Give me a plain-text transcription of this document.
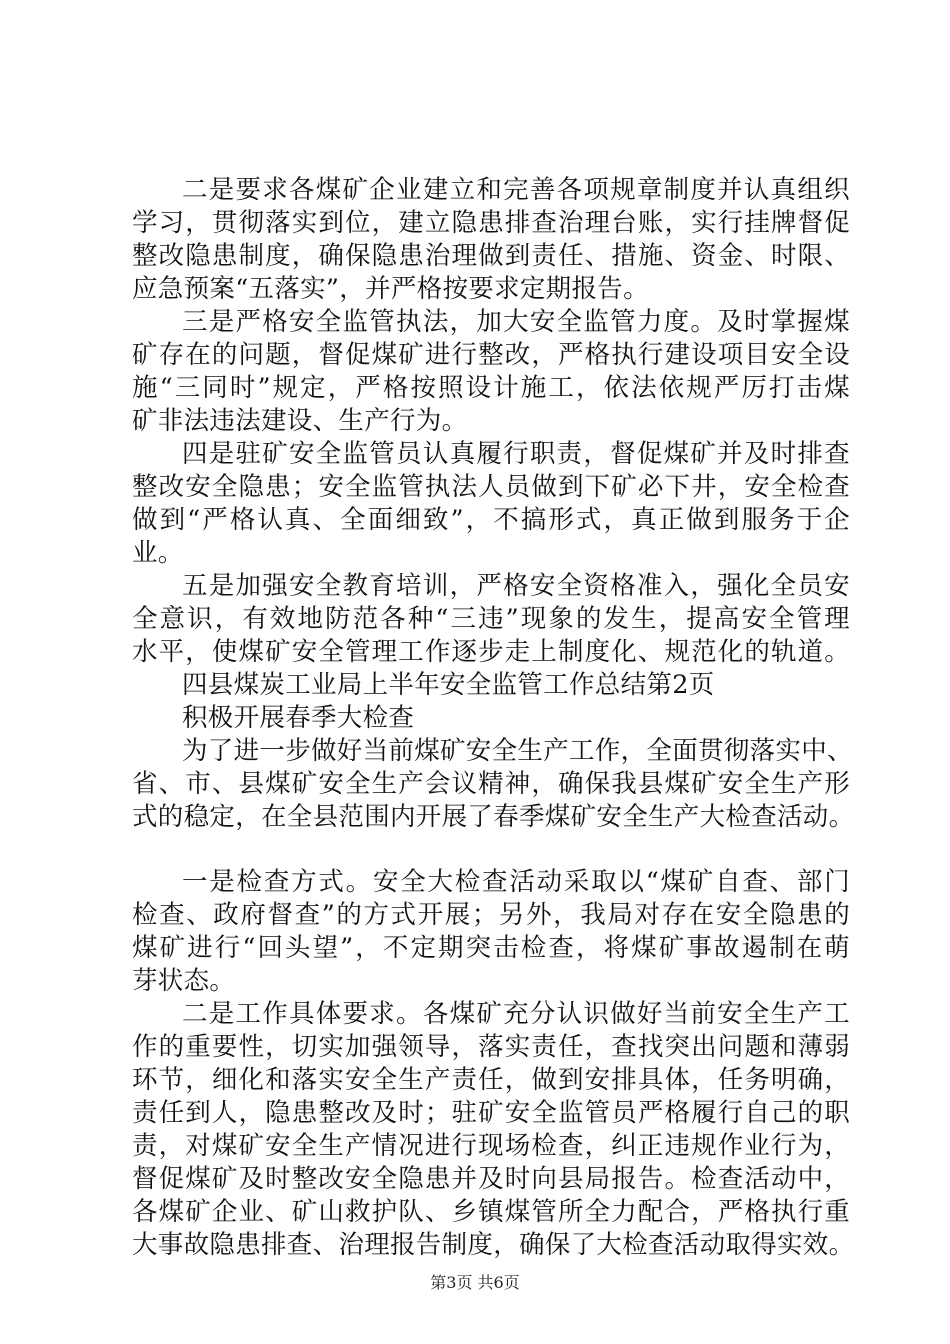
二是要求各煤矿企业建立和完善各项规章制度并认真组织
学习，贯彻落实到位，建立隐患排查治理台账，实行挂牌督促
整改隐患制度，确保隐患治理做到责任、措施、资金、时限、
应急预案“五落实”，并严格按要求定期报告。
三是严格安全监管执法，加大安全监管力度。及时掌握煤
矿存在的问题，督促煤矿进行整改，严格执行建设项目安全设
施“三同时”规定，严格按照设计施工，依法依规严厉打击煤
矿非法违法建设、生产行为。
四是驻矿安全监管员认真履行职责，督促煤矿并及时排查
整改安全隐患；安全监管执法人员做到下矿必下井，安全检查
做到“严格认真、全面细致”，不搞形式，真正做到服务于企
业。
五是加强安全教育培训，严格安全资格准入，强化全员安
全意识，有效地防范各种“三违”现象的发生，提高安全管理
水平，使煤矿安全管理工作逐步走上制度化、规范化的轨道。
四县煤炭工业局上半年安全监管工作总结第2页
积极开展春季大检查
为了进一步做好当前煤矿安全生产工作，全面贯彻落实中、
省、市、县煤矿安全生产会议精神，确保我县煤矿安全生产形
式的稳定，在全县范围内开展了春季煤矿安全生产大检查活动。
一是检查方式。安全大检查活动采取以“煤矿自查、部门
检查、政府督查”的方式开展；另外，我局对存在安全隐患的
煤矿进行“回头望”，不定期突击检查，将煤矿事故遏制在萌
芽状态。
二是工作具体要求。各煤矿充分认识做好当前安全生产工
作的重要性，切实加强领导，落实责任，查找突出问题和薄弱
环节，细化和落实安全生产责任，做到安排具体，任务明确，
责任到人，隐患整改及时；驻矿安全监管员严格履行自己的职
责，对煤矿安全生产情况进行现场检查，纠正违规作业行为，
督促煤矿及时整改安全隐患并及时向县局报告。检查活动中，
各煤矿企业、矿山救护队、乡镇煤管所全力配合，严格执行重
大事故隐患排查、治理报告制度，确保了大检查活动取得实效。
第3页 共6页
